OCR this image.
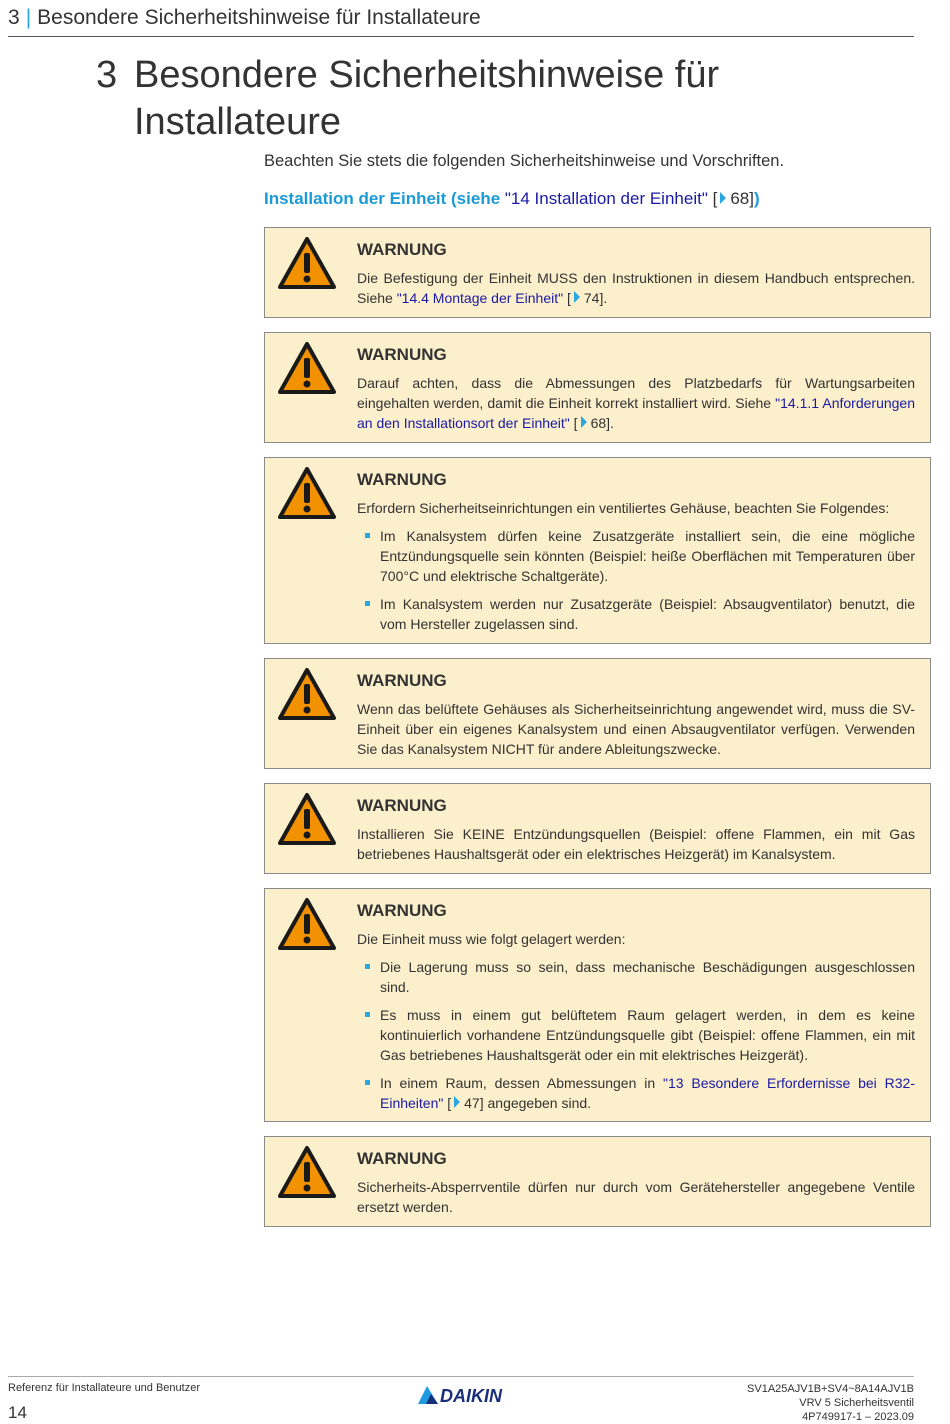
3 | Besondere Sicherheitshinweise für Installateure
3 Besondere Sicherheitshinweise für Installateure
Beachten Sie stets die folgenden Sicherheitshinweise und Vorschriften.
Installation der Einheit (siehe "14 Installation der Einheit" [ 68])
WARNUNG

Die Befestigung der Einheit MUSS den Instruktionen in diesem Handbuch entsprechen. Siehe "14.4 Montage der Einheit" [ 74].

WARNUNG

Darauf achten, dass die Abmessungen des Platzbedarfs für Wartungsarbeiten eingehalten werden, damit die Einheit korrekt installiert wird. Siehe "14.1.1 Anforderungen an den Installationsort der Einheit" [ 68].

WARNUNG

Erfordern Sicherheitseinrichtungen ein ventiliertes Gehäuse, beachten Sie Folgendes:

Im Kanalsystem dürfen keine Zusatzgeräte installiert sein, die eine mögliche Entzündungsquelle sein könnten (Beispiel: heiße Oberflächen mit Temperaturen über 700°C und elektrische Schaltgeräte).
Im Kanalsystem werden nur Zusatzgeräte (Beispiel: Absaugventilator) benutzt, die vom Hersteller zugelassen sind.
WARNUNG

Wenn das belüftete Gehäuses als Sicherheitseinrichtung angewendet wird, muss die SV-Einheit über ein eigenes Kanalsystem und einen Absaugventilator verfügen. Verwenden Sie das Kanalsystem NICHT für andere Ableitungszwecke.

WARNUNG

Installieren Sie KEINE Entzündungsquellen (Beispiel: offene Flammen, ein mit Gas betriebenes Haushaltsgerät oder ein elektrisches Heizgerät) im Kanalsystem.

WARNUNG

Die Einheit muss wie folgt gelagert werden:

Die Lagerung muss so sein, dass mechanische Beschädigungen ausgeschlossen sind.
Es muss in einem gut belüftetem Raum gelagert werden, in dem es keine kontinuierlich vorhandene Entzündungsquelle gibt (Beispiel: offene Flammen, ein mit Gas betriebenes Haushaltsgerät oder ein mit elektrisches Heizgerät).
In einem Raum, dessen Abmessungen in "13 Besondere Erfordernisse bei R32-Einheiten" [ 47] angegeben sind.
WARNUNG

Sicherheits-Absperrventile dürfen nur durch vom Gerätehersteller angegebene Ventile ersetzt werden.

Referenz für Installateure und Benutzer
14
DAIKIN	SV1A25AJV1B+SV4~8A14AJV1B
VRV 5 Sicherheitsventil
4P749917-1 – 2023.09
